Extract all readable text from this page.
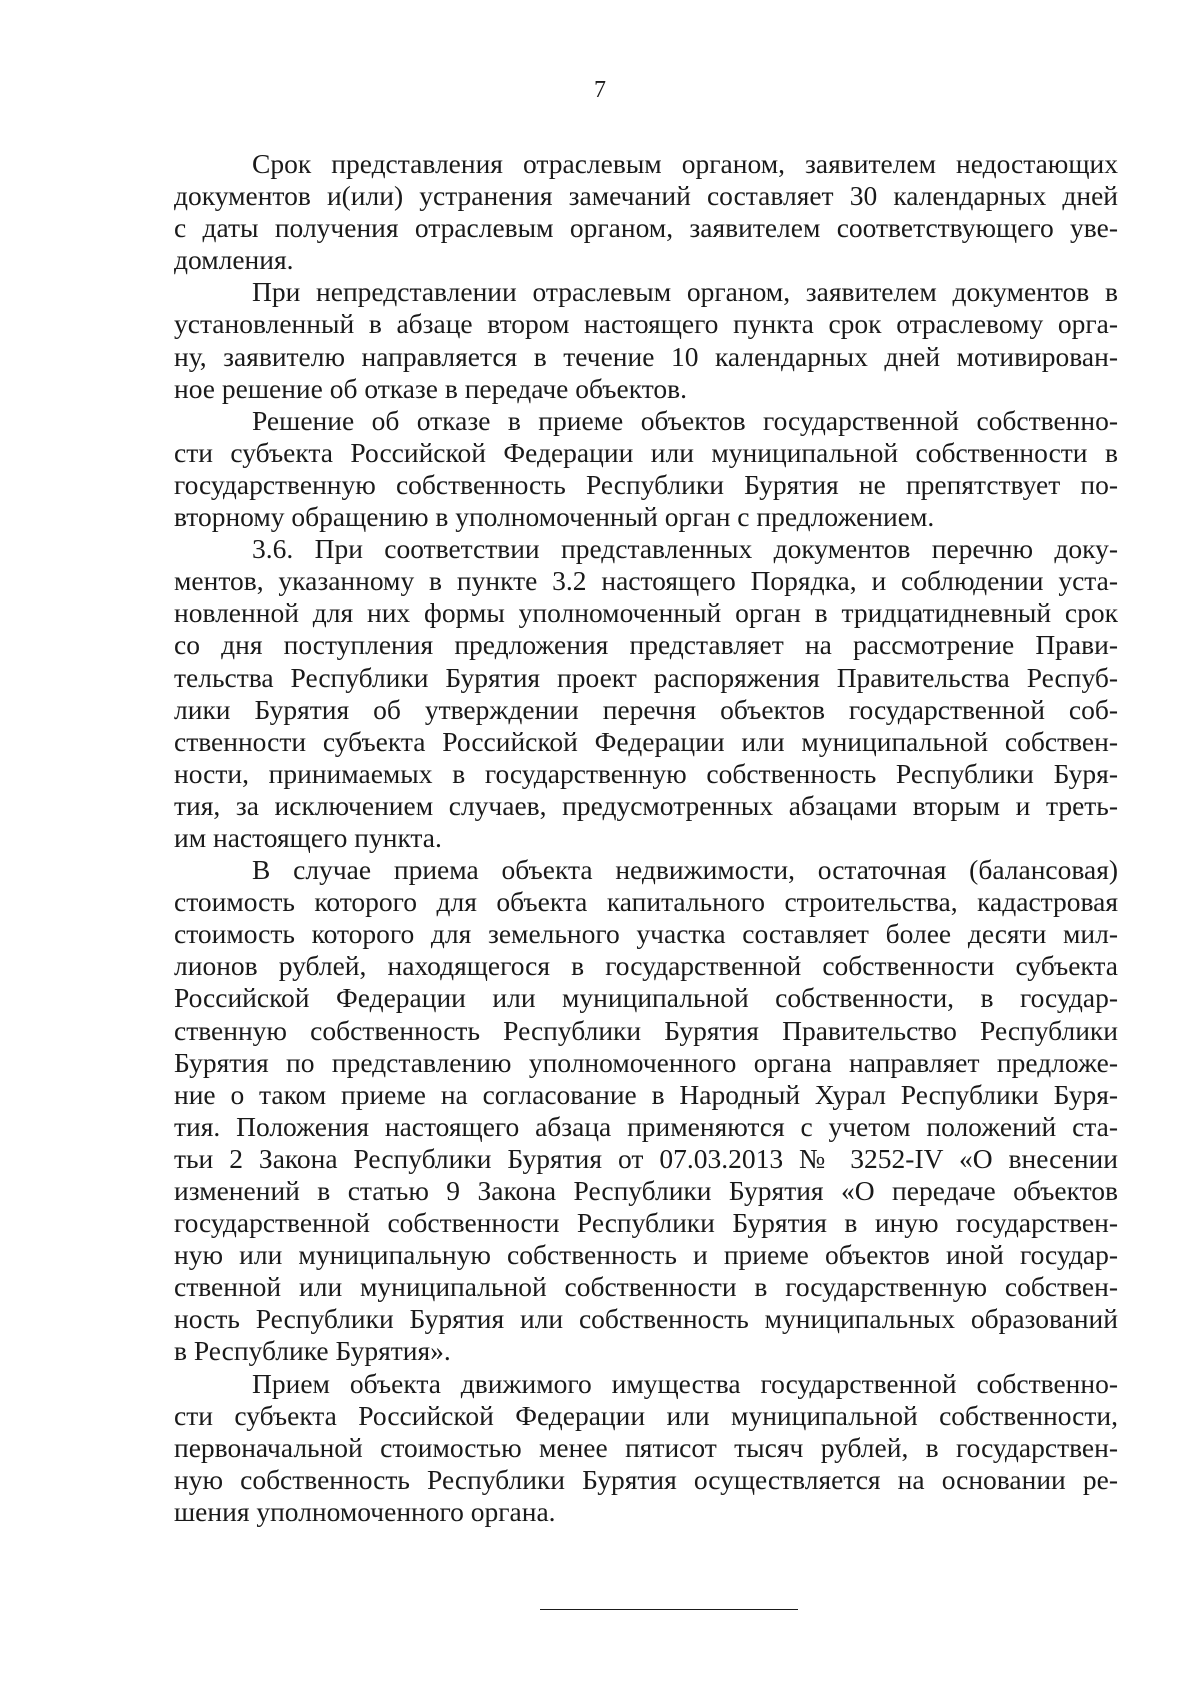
7
Срок представления отраслевым органом, заявителем недостающих
документов и(или) устранения замечаний составляет 30 календарных дней
с даты получения отраслевым органом, заявителем соответствующего уве-
домления.
При непредставлении отраслевым органом, заявителем документов в
установленный в абзаце втором настоящего пункта срок отраслевому орга-
ну, заявителю направляется в течение 10 календарных дней мотивирован-
ное решение об отказе в передаче объектов.
Решение об отказе в приеме объектов государственной собственно-
сти субъекта Российской Федерации или муниципальной собственности в
государственную собственность Республики Бурятия не препятствует по-
вторному обращению в уполномоченный орган с предложением.
3.6. При соответствии представленных документов перечню доку-
ментов, указанному в пункте 3.2 настоящего Порядка, и соблюдении уста-
новленной для них формы уполномоченный орган в тридцатидневный срок
со дня поступления предложения представляет на рассмотрение Прави-
тельства Республики Бурятия проект распоряжения Правительства Респуб-
лики Бурятия об утверждении перечня объектов государственной соб-
ственности субъекта Российской Федерации или муниципальной собствен-
ности, принимаемых в государственную собственность Республики Буря-
тия, за исключением случаев, предусмотренных абзацами вторым и треть-
им настоящего пункта.
В случае приема объекта недвижимости, остаточная (балансовая)
стоимость которого для объекта капитального строительства, кадастровая
стоимость которого для земельного участка составляет более десяти мил-
лионов рублей, находящегося в государственной собственности субъекта
Российской Федерации или муниципальной собственности, в государ-
ственную собственность Республики Бурятия Правительство Республики
Бурятия по представлению уполномоченного органа направляет предложе-
ние о таком приеме на согласование в Народный Хурал Республики Буря-
тия. Положения настоящего абзаца применяются с учетом положений ста-
тьи 2 Закона Республики Бурятия от 07.03.2013 № 3252-IV «О внесении
изменений в статью 9 Закона Республики Бурятия «О передаче объектов
государственной собственности Республики Бурятия в иную государствен-
ную или муниципальную собственность и приеме объектов иной государ-
ственной или муниципальной собственности в государственную собствен-
ность Республики Бурятия или собственность муниципальных образований
в Республике Бурятия».
Прием объекта движимого имущества государственной собственно-
сти субъекта Российской Федерации или муниципальной собственности,
первоначальной стоимостью менее пятисот тысяч рублей, в государствен-
ную собственность Республики Бурятия осуществляется на основании ре-
шения уполномоченного органа.
